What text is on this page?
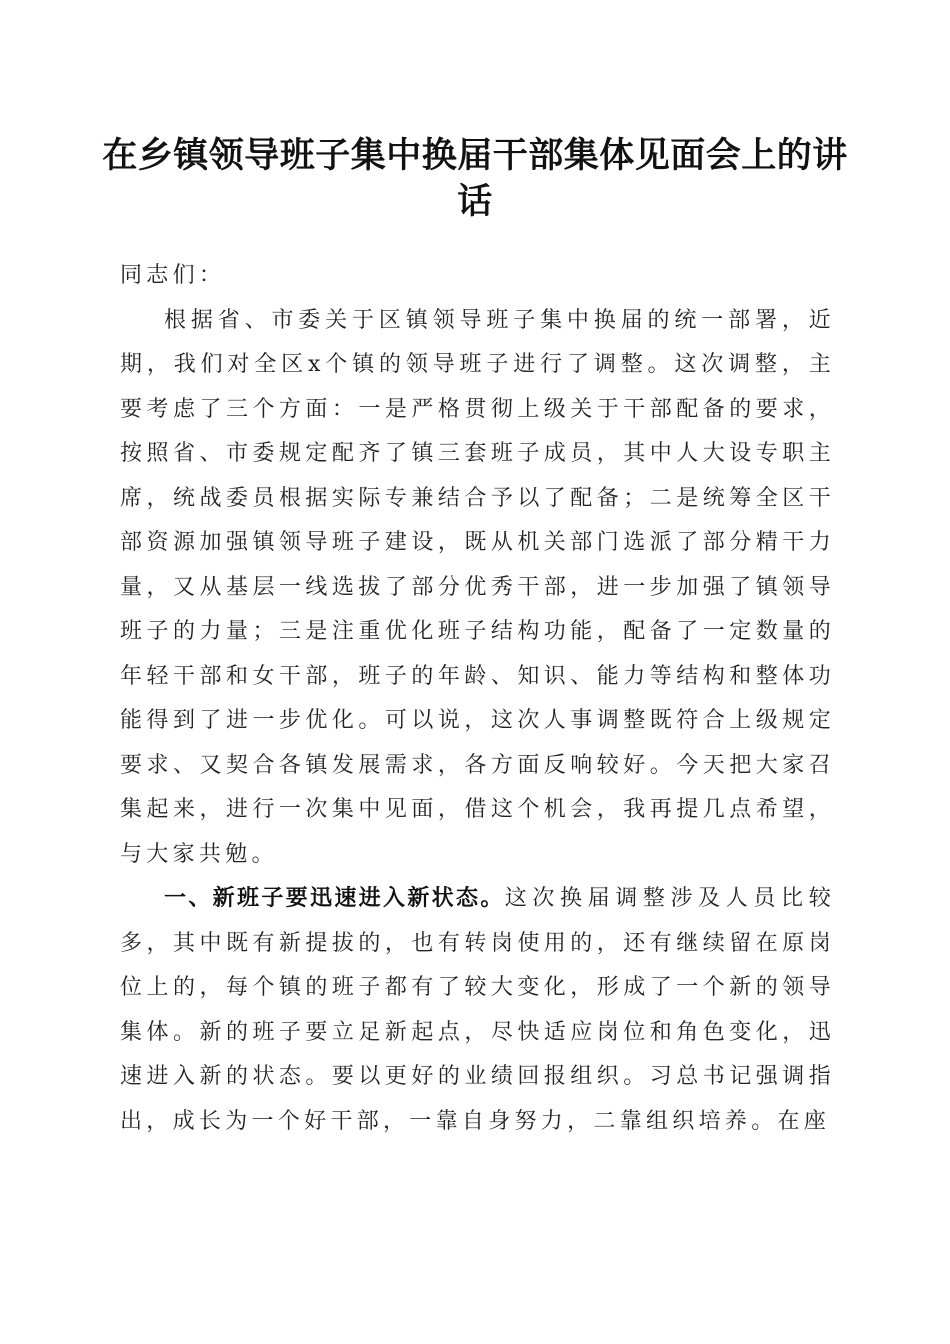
在乡镇领导班子集中换届干部集体见面会上的讲话

同志们：

根据省、市委关于区镇领导班子集中换届的统一部署，近期，我们对全区x个镇的领导班子进行了调整。这次调整，主要考虑了三个方面：一是严格贯彻上级关于干部配备的要求，按照省、市委规定配齐了镇三套班子成员，其中人大设专职主席，统战委员根据实际专兼结合予以了配备；二是统筹全区干部资源加强镇领导班子建设，既从机关部门选派了部分精干力量，又从基层一线选拔了部分优秀干部，进一步加强了镇领导班子的力量；三是注重优化班子结构功能，配备了一定数量的年轻干部和女干部，班子的年龄、知识、能力等结构和整体功能得到了进一步优化。可以说，这次人事调整既符合上级规定要求、又契合各镇发展需求，各方面反响较好。今天把大家召集起来，进行一次集中见面，借这个机会，我再提几点希望，与大家共勉。

一、新班子要迅速进入新状态。这次换届调整涉及人员比较多，其中既有新提拔的，也有转岗使用的，还有继续留在原岗位上的，每个镇的班子都有了较大变化，形成了一个新的领导集体。新的班子要立足新起点，尽快适应岗位和角色变化，迅速进入新的状态。要以更好的业绩回报组织。习总书记强调指出，成长为一个好干部，一靠自身努力，二靠组织培养。在座
